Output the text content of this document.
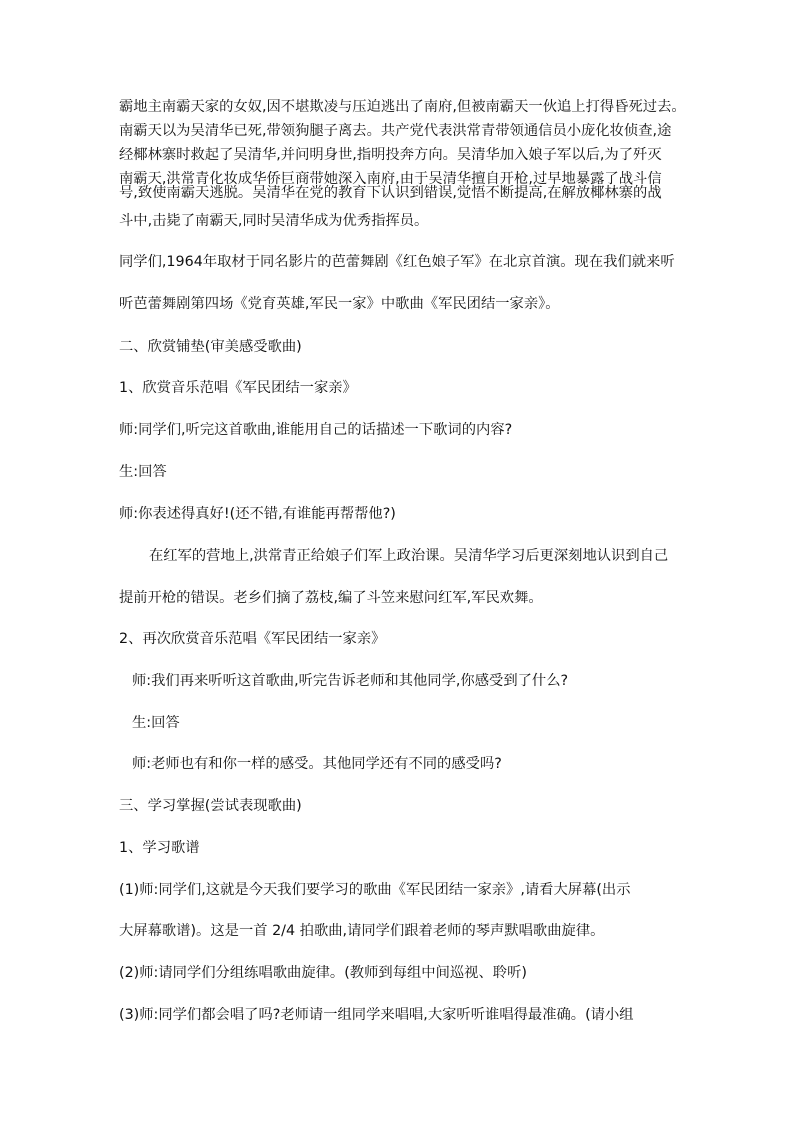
霸地主南霸天家的女奴,因不堪欺凌与压迫逃出了南府,但被南霸天一伙追上打得昏死过去。
南霸天以为吴清华已死,带领狗腿子离去。共产党代表洪常青带领通信员小庞化妆侦查,途
经椰林寨时救起了吴清华,并问明身世,指明投奔方向。吴清华加入娘子军以后,为了歼灭
南霸天,洪常青化妆成华侨巨商带她深入南府,由于吴清华擅自开枪,过早地暴露了战斗信
号,致使南霸天逃脱。吴清华在党的教育下认识到错误,觉悟不断提高,在解放椰林寨的战
斗中,击毙了南霸天,同时吴清华成为优秀指挥员。
同学们,1964年取材于同名影片的芭蕾舞剧《红色娘子军》在北京首演。现在我们就来听
听芭蕾舞剧第四场《党育英雄,军民一家》中歌曲《军民团结一家亲》。
二、欣赏铺垫(审美感受歌曲)
1、欣赏音乐范唱《军民团结一家亲》
师:同学们,听完这首歌曲,谁能用自己的话描述一下歌词的内容?
生:回答
师:你表述得真好!(还不错,有谁能再帮帮他?)
在红军的营地上,洪常青正给娘子们军上政治课。吴清华学习后更深刻地认识到自己
提前开枪的错误。老乡们摘了荔枝,编了斗笠来慰问红军,军民欢舞。
2、再次欣赏音乐范唱《军民团结一家亲》
师:我们再来听听这首歌曲,听完告诉老师和其他同学,你感受到了什么?
生:回答
师:老师也有和你一样的感受。其他同学还有不同的感受吗?
三、学习掌握(尝试表现歌曲)
1、学习歌谱
(1)师:同学们,这就是今天我们要学习的歌曲《军民团结一家亲》,请看大屏幕(出示
大屏幕歌谱)。这是一首 2/4 拍歌曲,请同学们跟着老师的琴声默唱歌曲旋律。
(2)师:请同学们分组练唱歌曲旋律。(教师到每组中间巡视、聆听)
(3)师:同学们都会唱了吗?老师请一组同学来唱唱,大家听听谁唱得最准确。(请小组
